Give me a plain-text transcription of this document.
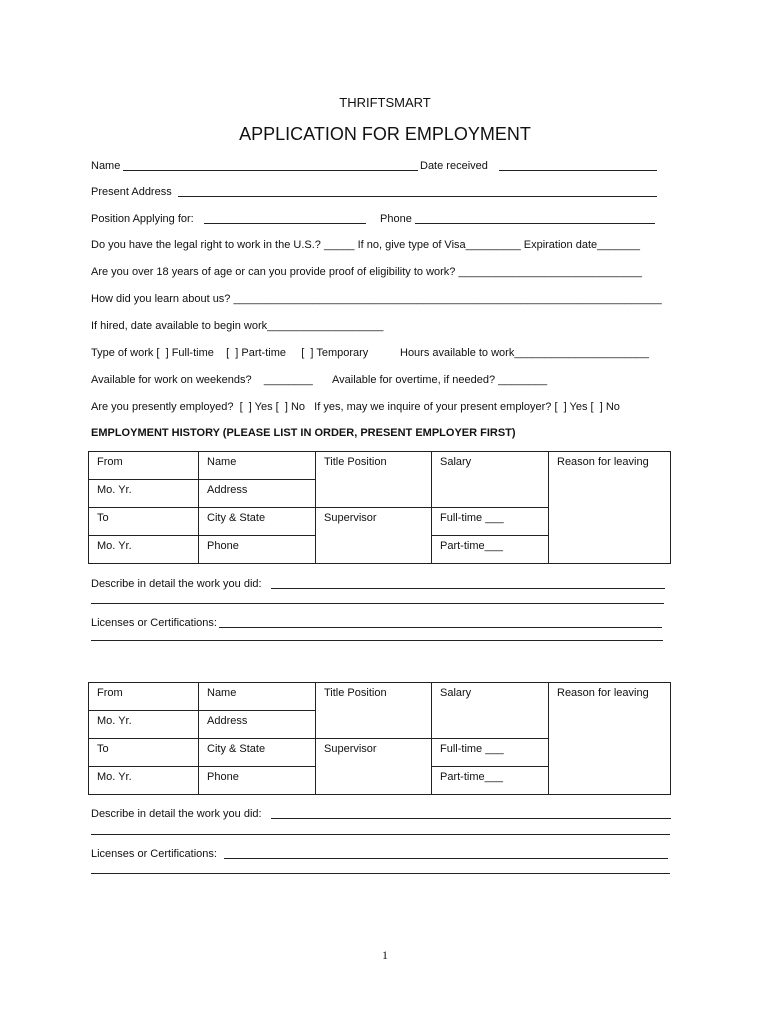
THRIFTSMART
APPLICATION FOR EMPLOYMENT
Name	Date received
Present Address
Position Applying for:	Phone
Do you have the legal right to work in the U.S.? _____ If no, give type of Visa_________ Expiration date_______
Are you over 18 years of age or can you provide proof of eligibility to work? ______________________________
How did you learn about us? ______________________________________________________________________
If hired, date available to begin work___________________
Type of work [  ] Full-time    [  ] Part-time     [  ] Temporary	Hours available to work______________________
Available for work on weekends?    ________ Available for overtime, if needed? ________
Are you presently employed?  [  ] Yes [  ] No   If yes, may we inquire of your present employer? [  ] Yes [  ] No
EMPLOYMENT HISTORY (PLEASE LIST IN ORDER, PRESENT EMPLOYER FIRST)
From	Name	Title Position	Salary	Reason for leaving
Mo. Yr.	Address			
To	City & State	Supervisor	Full-time ___	
Mo. Yr.	Phone		Part-time___	
Describe in detail the work you did:
Licenses or Certifications:
From	Name	Title Position	Salary	Reason for leaving
Mo. Yr.	Address			
To	City & State	Supervisor	Full-time ___	
Mo. Yr.	Phone		Part-time___	
Describe in detail the work you did:
Licenses or Certifications:
1
